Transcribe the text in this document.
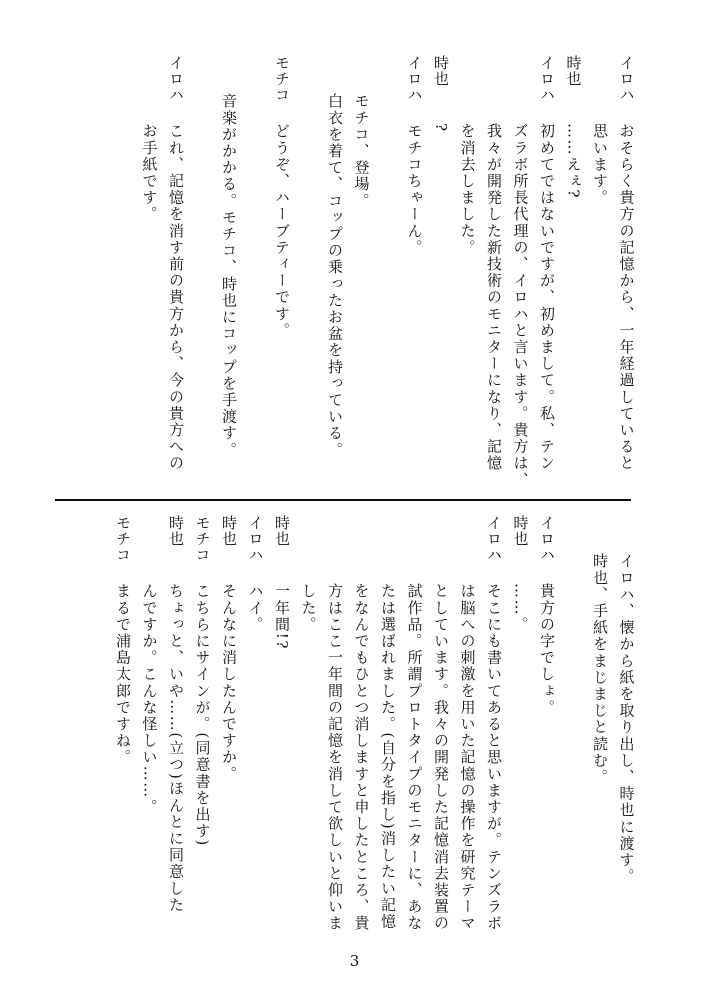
イロハ
おそらく貴方の記憶から、一年経過していると
思います。
時也
……えぇ?
イロハ
初めてではないですが、初めまして。私、テン
ズラボ所長代理の、イロハと言います。貴方は、
我々が開発した新技術のモニターになり、記憶
を消去しました。
時也
?
イロハ
モチコちゃーん。
モチコ、登場。
白衣を着て、コップの乗ったお盆を持っている。
モチコ
どうぞ、ハーブティーです。
音楽がかかる。モチコ、時也にコップを手渡す。
イロハ
これ、記憶を消す前の貴方から、今の貴方への
お手紙です。
イロハ、懐から紙を取り出し、時也に渡す。
時也、手紙をまじまじと読む。
イロハ
貴方の字でしょ。
時也
……。
イロハ
そこにも書いてあると思いますが。テンズラボ
は脳への刺激を用いた記憶の操作を研究テーマ
としています。我々の開発した記憶消去装置の
試作品。所謂プロトタイプのモニターに、あな
たは選ばれました。(自分を指し)消したい記憶
をなんでもひとつ消しますと申したところ、貴
方はここ一年間の記憶を消して欲しいと仰いま
した。
時也
一年間!?
イロハ
ハイ。
時也
そんなに消したんですか。
モチコ
こちらにサインが。(同意書を出す)
時也
ちょっと、いや……(立つ)ほんとに同意した
んですか。こんな怪しい……。
モチコ
まるで浦島太郎ですね。
3
